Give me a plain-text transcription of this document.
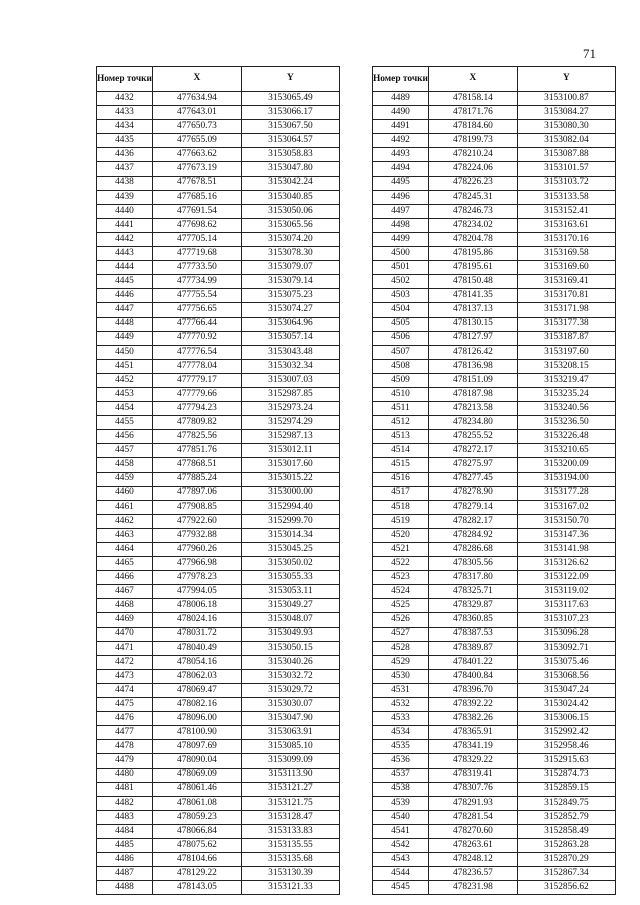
71
Номер точки	X	Y
4432	477634.94	3153065.49
4433	477643.01	3153066.17
4434	477650.73	3153067.50
4435	477655.09	3153064.57
4436	477663.62	3153058.83
4437	477673.19	3153047.80
4438	477678.51	3153042.24
4439	477685.16	3153040.85
4440	477691.54	3153050.06
4441	477698.62	3153065.56
4442	477705.14	3153074.20
4443	477719.68	3153078.30
4444	477733.50	3153079.07
4445	477734.99	3153079.14
4446	477755.54	3153075.23
4447	477756.65	3153074.27
4448	477766.44	3153064.96
4449	477770.92	3153057.14
4450	477776.54	3153043.48
4451	477778.04	3153032.34
4452	477779.17	3153007.03
4453	477779.66	3152987.85
4454	477794.23	3152973.24
4455	477809.82	3152974.29
4456	477825.56	3152987.13
4457	477851.76	3153012.11
4458	477868.51	3153017.60
4459	477885.24	3153015.22
4460	477897.06	3153000.00
4461	477908.85	3152994.40
4462	477922.60	3152999.70
4463	477932.88	3153014.34
4464	477960.26	3153045.25
4465	477966.98	3153050.02
4466	477978.23	3153055.33
4467	477994.05	3153053.11
4468	478006.18	3153049.27
4469	478024.16	3153048.07
4470	478031.72	3153049.93
4471	478040.49	3153050.15
4472	478054.16	3153040.26
4473	478062.03	3153032.72
4474	478069.47	3153029.72
4475	478082.16	3153030.07
4476	478096.00	3153047.90
4477	478100.90	3153063.91
4478	478097.69	3153085.10
4479	478090.04	3153099.09
4480	478069.09	3153113.90
4481	478061.46	3153121.27
4482	478061.08	3153121.75
4483	478059.23	3153128.47
4484	478066.84	3153133.83
4485	478075.62	3153135.55
4486	478104.66	3153135.68
4487	478129.22	3153130.39
4488	478143.05	3153121.33
Номер точки	X	Y
4489	478158.14	3153100.87
4490	478171.76	3153084.27
4491	478184.60	3153080.30
4492	478199.73	3153082.04
4493	478210.24	3153087.88
4494	478224.06	3153101.57
4495	478226.23	3153103.72
4496	478245.31	3153133.58
4497	478246.73	3153152.41
4498	478234.02	3153163.61
4499	478204.78	3153170.16
4500	478195.86	3153169.58
4501	478195.61	3153169.60
4502	478150.48	3153169.41
4503	478141.35	3153170.81
4504	478137.13	3153171.98
4505	478130.15	3153177.38
4506	478127.97	3153187.87
4507	478126.42	3153197.60
4508	478136.98	3153208.15
4509	478151.09	3153219.47
4510	478187.98	3153235.24
4511	478213.58	3153240.56
4512	478234.80	3153236.50
4513	478255.52	3153226.48
4514	478272.17	3153210.65
4515	478275.97	3153200.09
4516	478277.45	3153194.00
4517	478278.90	3153177.28
4518	478279.14	3153167.02
4519	478282.17	3153150.70
4520	478284.92	3153147.36
4521	478286.68	3153141.98
4522	478305.56	3153126.62
4523	478317.80	3153122.09
4524	478325.71	3153119.02
4525	478329.87	3153117.63
4526	478360.85	3153107.23
4527	478387.53	3153096.28
4528	478389.87	3153092.71
4529	478401.22	3153075.46
4530	478400.84	3153068.56
4531	478396.70	3153047.24
4532	478392.22	3153024.42
4533	478382.26	3153006.15
4534	478365.91	3152992.42
4535	478341.19	3152958.46
4536	478329.22	3152915.63
4537	478319.41	3152874.73
4538	478307.76	3152859.15
4539	478291.93	3152849.75
4540	478281.54	3152852.79
4541	478270.60	3152858.49
4542	478263.61	3152863.28
4543	478248.12	3152870.29
4544	478236.57	3152867.34
4545	478231.98	3152856.62
